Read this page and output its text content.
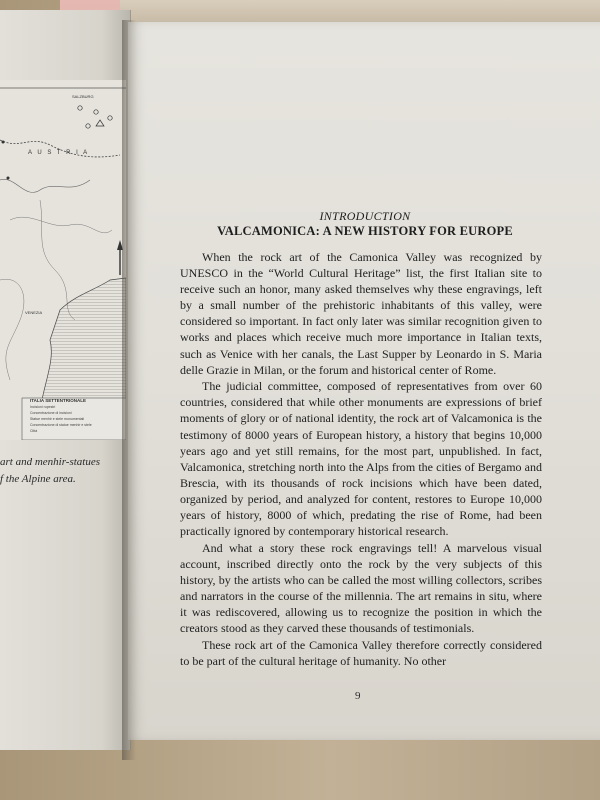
SALZBURG
A U S T R I A
VENEZIA
ITALIA SETTENTRIONALE
Incisioni rupestri
Concentrazione di incisioni
Statue menhir e stele monumentali
Concentrazione di statue menhir e stele
Città
art and menhir-statues
f the Alpine area.
INTRODUCTION
VALCAMONICA: A NEW HISTORY FOR EUROPE

When the rock art of the Camonica Valley was recognized by UNESCO in the “World Cultural Heritage” list, the first Italian site to receive such an honor, many asked themselves why these engravings, left by a small number of the prehistoric inhabitants of this valley, were considered so important. In fact only later was similar recognition given to works and places which receive much more importance in Italian texts, such as Venice with her canals, the Last Supper by Leonardo in S. Maria delle Grazie in Milan, or the forum and historical center of Rome.

The judicial committee, composed of representatives from over 60 countries, considered that while other monuments are expressions of brief moments of glory or of national identity, the rock art of Valcamonica is the testimony of 8000 years of European history, a history that begins 10,000 years ago and yet still remains, for the most part, unpublished. In fact, Valcamonica, stretching north into the Alps from the cities of Bergamo and Brescia, with its thousands of rock incisions which have been dated, organized by period, and analyzed for content, restores to Europe 10,000 years of history, 8000 of which, predating the rise of Rome, had been practically ignored by contemporary historical research.

And what a story these rock engravings tell! A marvelous visual account, inscribed directly onto the rock by the very subjects of this history, by the artists who can be called the most willing collectors, scribes and narrators in the course of the millennia. The art remains in situ, where it was rediscovered, allowing us to recognize the position in which the creators stood as they carved these thousands of testimonials.

These rock art of the Camonica Valley therefore correctly considered to be part of the cultural heritage of humanity. No other

9
